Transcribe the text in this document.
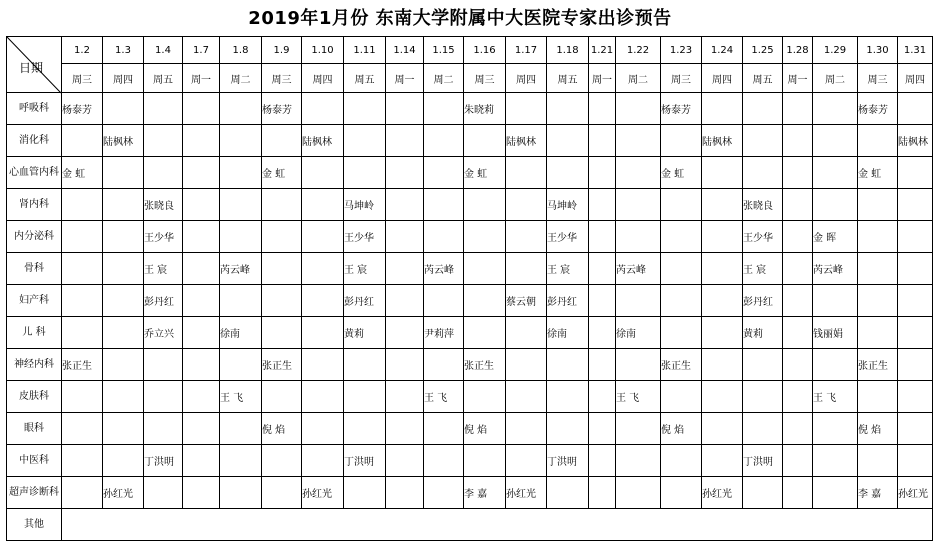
2019年1月份 东南大学附属中大医院专家出诊预告
日期	1.2	1.3	1.4	1.7	1.8	1.9	1.10	1.11	1.14	1.15	1.16	1.17	1.18	1.21	1.22	1.23	1.24	1.25	1.28	1.29	1.30	1.31
	周三	周四	周五	周一	周二	周三	周四	周五	周一	周二	周三	周四	周五	周一	周二	周三	周四	周五	周一	周二	周三	周四
呼吸科	杨泰芳					杨泰芳					朱晓莉					杨泰芳					杨泰芳	
消化科		陆枫林					陆枫林					陆枫林					陆枫林					陆枫林
心血管内科	金 虹					金 虹					金 虹					金 虹					金 虹	
肾内科			张晓良					马坤岭					马坤岭					张晓良				
内分泌科			王少华					王少华					王少华					王少华		金 晖		
骨科			王 宸		芮云峰			王 宸		芮云峰			王 宸		芮云峰			王 宸		芮云峰		
妇产科			彭丹红					彭丹红				蔡云朝	彭丹红					彭丹红				
儿 科			乔立兴		徐南			黄莉		尹莉萍			徐南		徐南			黄莉		钱丽娟		
神经内科	张正生					张正生					张正生					张正生					张正生	
皮肤科					王 飞					王 飞					王 飞					王 飞		
眼科						倪 焰					倪 焰					倪 焰					倪 焰	
中医科			丁洪明					丁洪明					丁洪明					丁洪明				
超声诊断科		孙红光					孙红光				李 嘉	孙红光					孙红光				李 嘉	孙红光
其他																						
